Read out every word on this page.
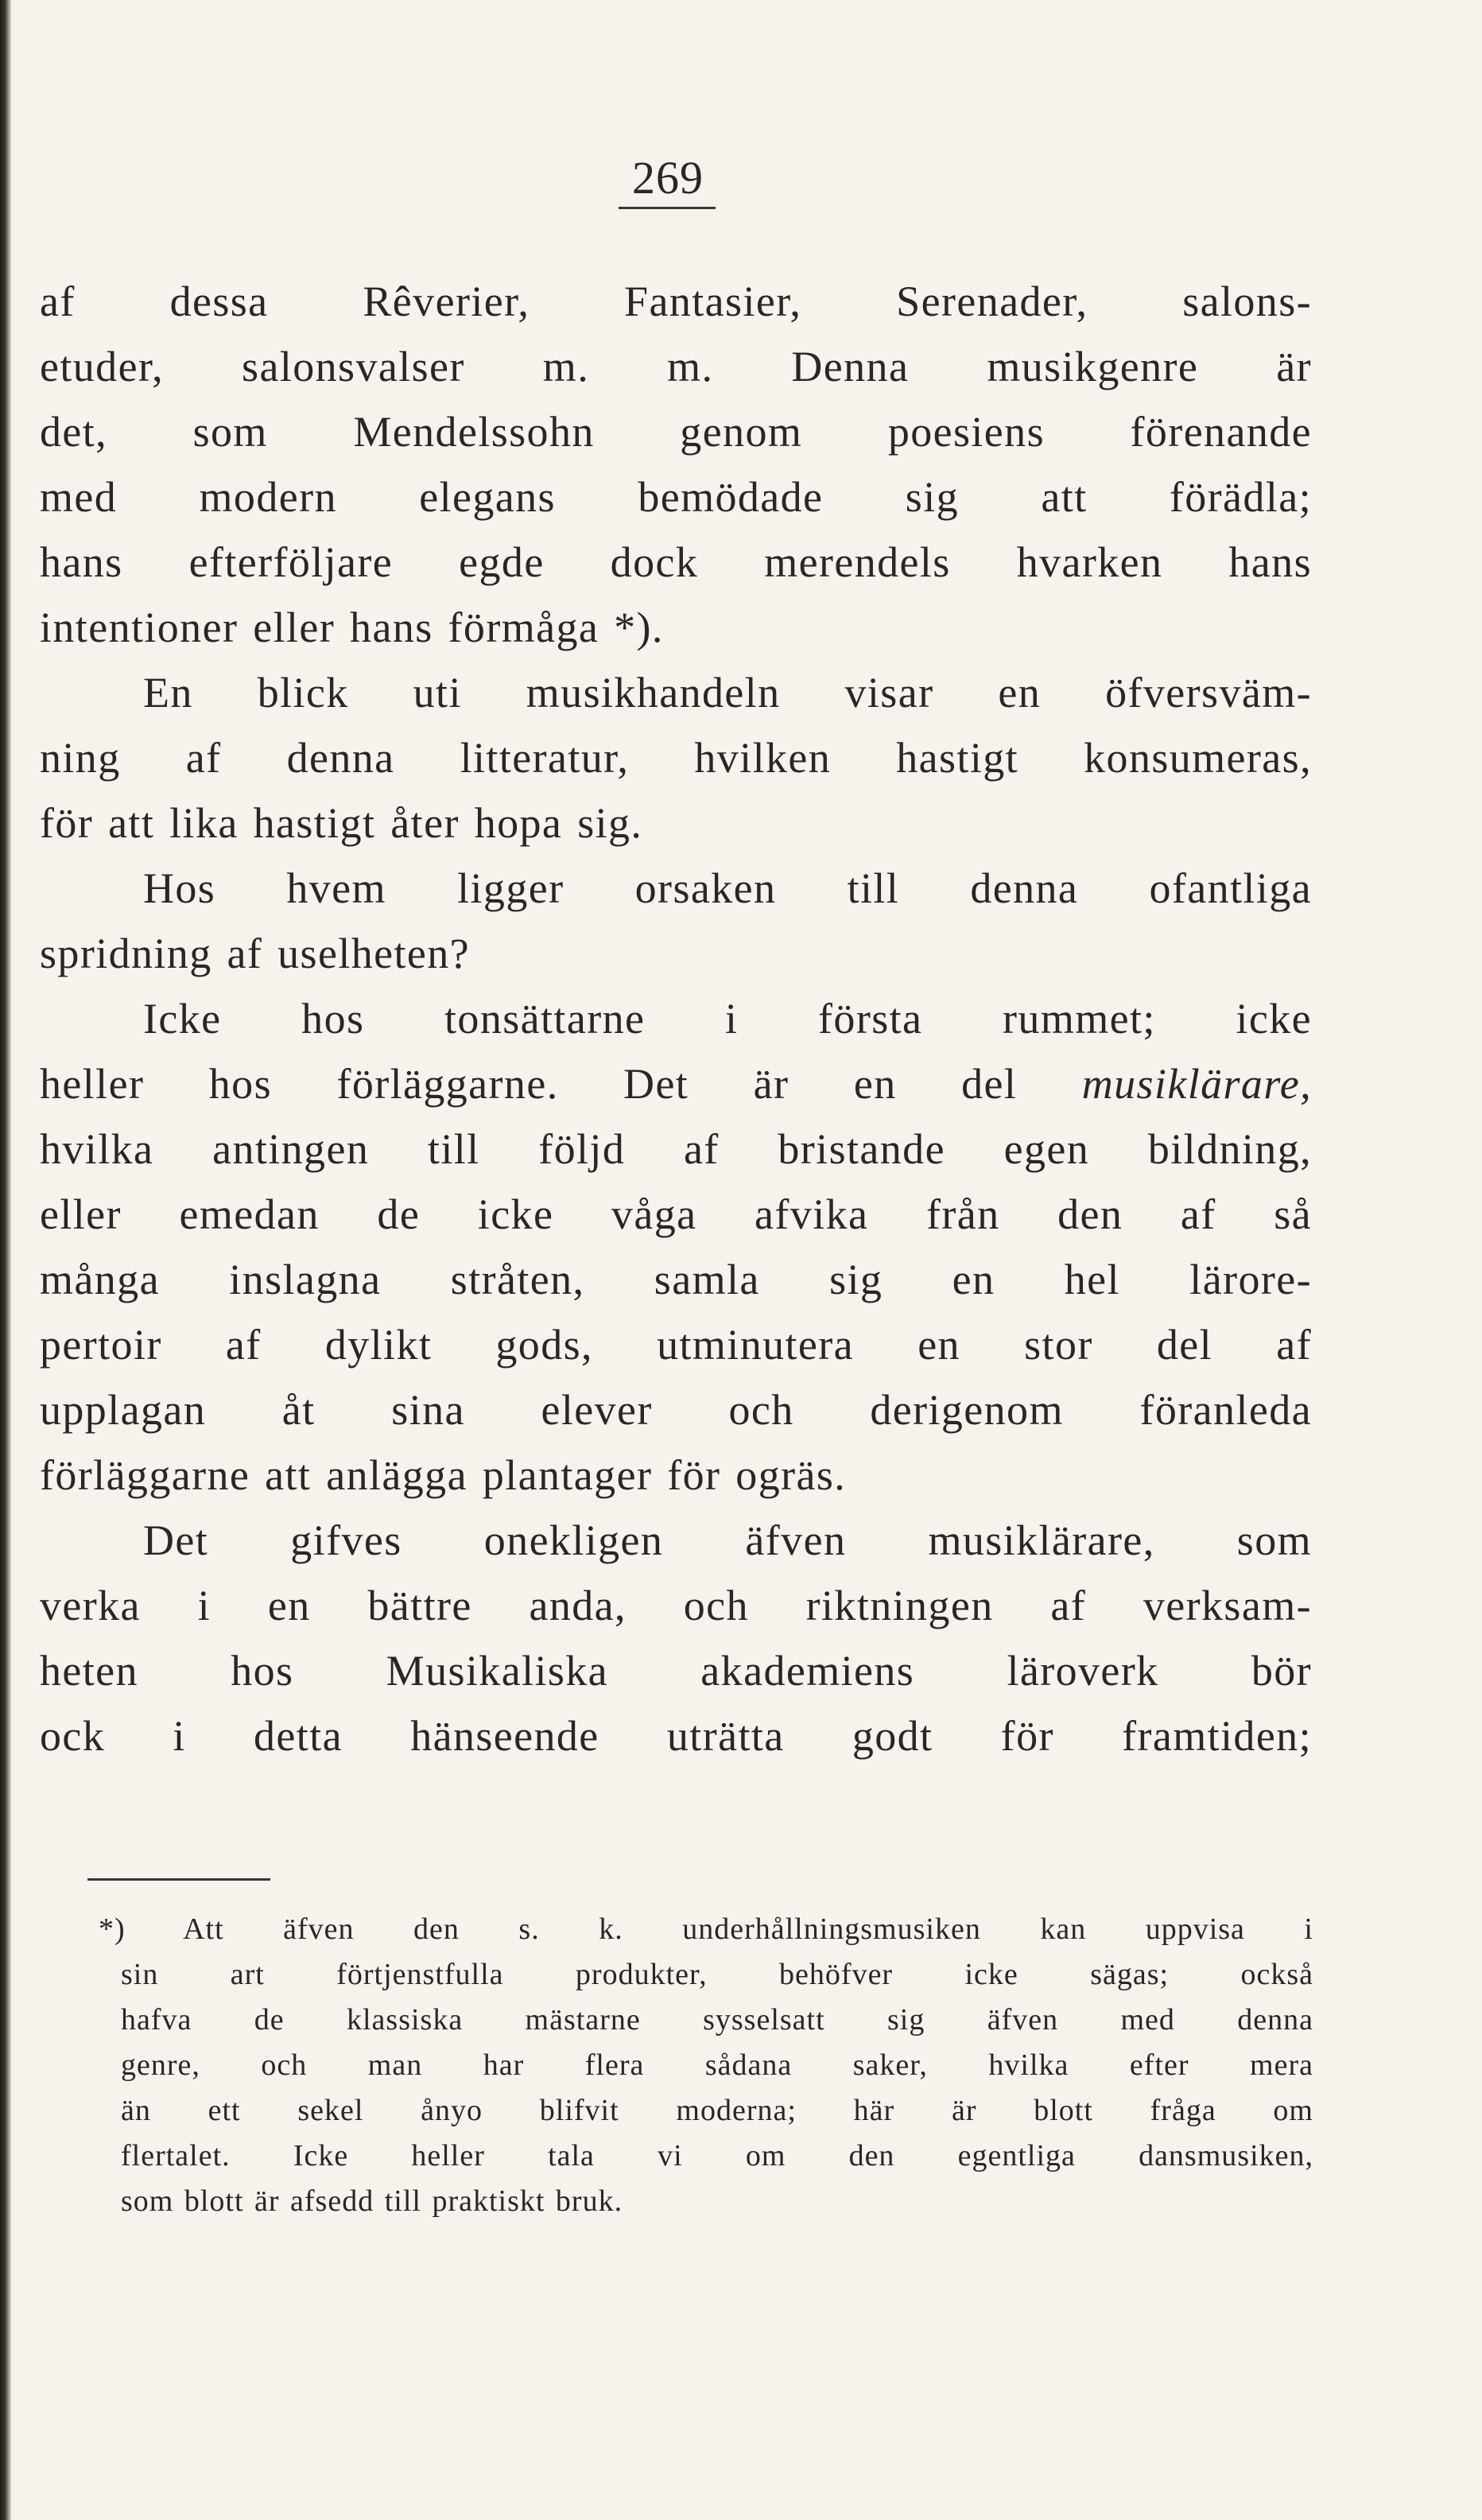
269
af dessa Rêverier, Fantasier, Serenader, salons-
etuder, salonsvalser m. m. Denna musikgenre är
det, som Mendelssohn genom poesiens förenande
med modern elegans bemödade sig att förädla;
hans efterföljare egde dock merendels hvarken hans
intentioner eller hans förmåga *).
En blick uti musikhandeln visar en öfversväm-
ning af denna litteratur, hvilken hastigt konsumeras,
för att lika hastigt åter hopa sig.
Hos hvem ligger orsaken till denna ofantliga
spridning af uselheten?
Icke hos tonsättarne i första rummet; icke
heller hos förläggarne. Det är en del musiklärare,
hvilka antingen till följd af bristande egen bildning,
eller emedan de icke våga afvika från den af så
många inslagna stråten, samla sig en hel lärore-
pertoir af dylikt gods, utminutera en stor del af
upplagan åt sina elever och derigenom föranleda
förläggarne att anlägga plantager för ogräs.
Det gifves onekligen äfven musiklärare, som
verka i en bättre anda, och riktningen af verksam-
heten hos Musikaliska akademiens läroverk bör
ock i detta hänseende uträtta godt för framtiden;
*) Att äfven den s. k. underhållningsmusiken kan uppvisa i
sin art förtjenstfulla produkter, behöfver icke sägas; också
hafva de klassiska mästarne sysselsatt sig äfven med denna
genre, och man har flera sådana saker, hvilka efter mera
än ett sekel ånyo blifvit moderna; här är blott fråga om
flertalet. Icke heller tala vi om den egentliga dansmusiken,
som blott är afsedd till praktiskt bruk.
